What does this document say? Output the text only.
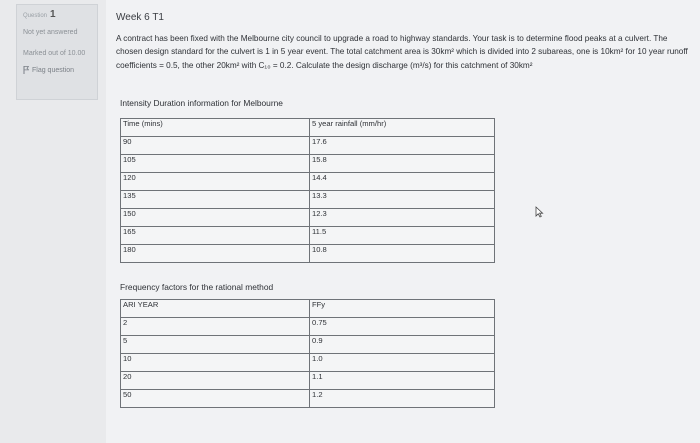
Question 1
Not yet answered
Marked out of 10.00
Flag question
Week 6 T1
A contract has been fixed with the Melbourne city council to upgrade a road to highway standards. Your task is to determine flood peaks at a culvert. The chosen design standard for the culvert is 1 in 5 year event. The total catchment area is 30km² which is divided into 2 subareas, one is 10km² for 10 year runoff coefficients = 0.5, the other 20km² with C₁₀ = 0.2. Calculate the design discharge (m³/s) for this catchment of 30km²
Intensity Duration information for Melbourne
Time (mins)	5 year rainfall (mm/hr)
90	17.6
105	15.8
120	14.4
135	13.3
150	12.3
165	11.5
180	10.8
Frequency factors for the rational method
ARI YEAR	FFy
2	0.75
5	0.9
10	1.0
20	1.1
50	1.2
